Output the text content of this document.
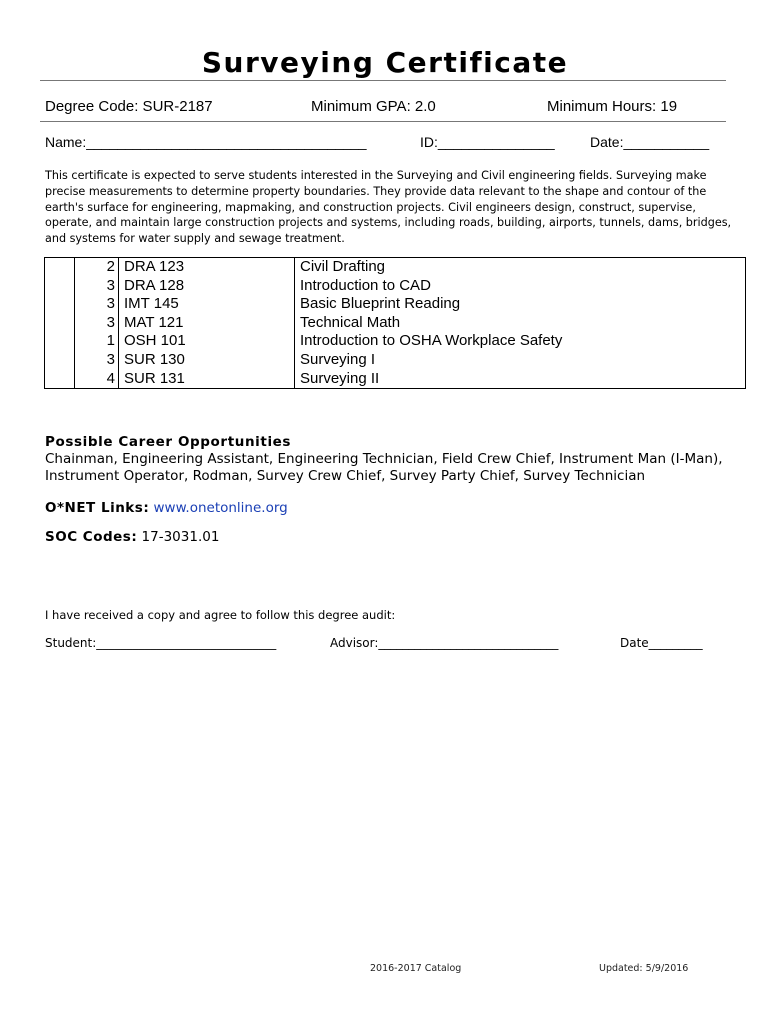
Surveying Certificate
Degree Code: SUR-2187	Minimum GPA: 2.0	Minimum Hours: 19
Name:____________________________________	ID:_______________	Date:___________
This certificate is expected to serve students interested in the Surveying and Civil engineering fields. Surveying make precise measurements to determine property boundaries. They provide data relevant to the shape and contour of the earth's surface for engineering, mapmaking, and construction projects. Civil engineers design, construct, supervise, operate, and maintain large construction projects and systems, including roads, building, airports, tunnels, dams, bridges, and systems for water supply and sewage treatment.
	2	DRA 123	Civil Drafting
	3	DRA 128	Introduction to CAD
	3	IMT 145	Basic Blueprint Reading
	3	MAT 121	Technical Math
	1	OSH 101	Introduction to OSHA Workplace Safety
	3	SUR 130	Surveying I
	4	SUR 131	Surveying II
Possible Career Opportunities
Chainman, Engineering Assistant, Engineering Technician, Field Crew Chief, Instrument Man (I-Man), Instrument Operator, Rodman, Survey Crew Chief, Survey Party Chief, Survey Technician
O*NET Links: www.onetonline.org
SOC Codes: 17-3031.01
I have received a copy and agree to follow this degree audit:
Student:______________________________	Advisor:______________________________	Date_________
2016-2017 Catalog	Updated: 5/9/2016
